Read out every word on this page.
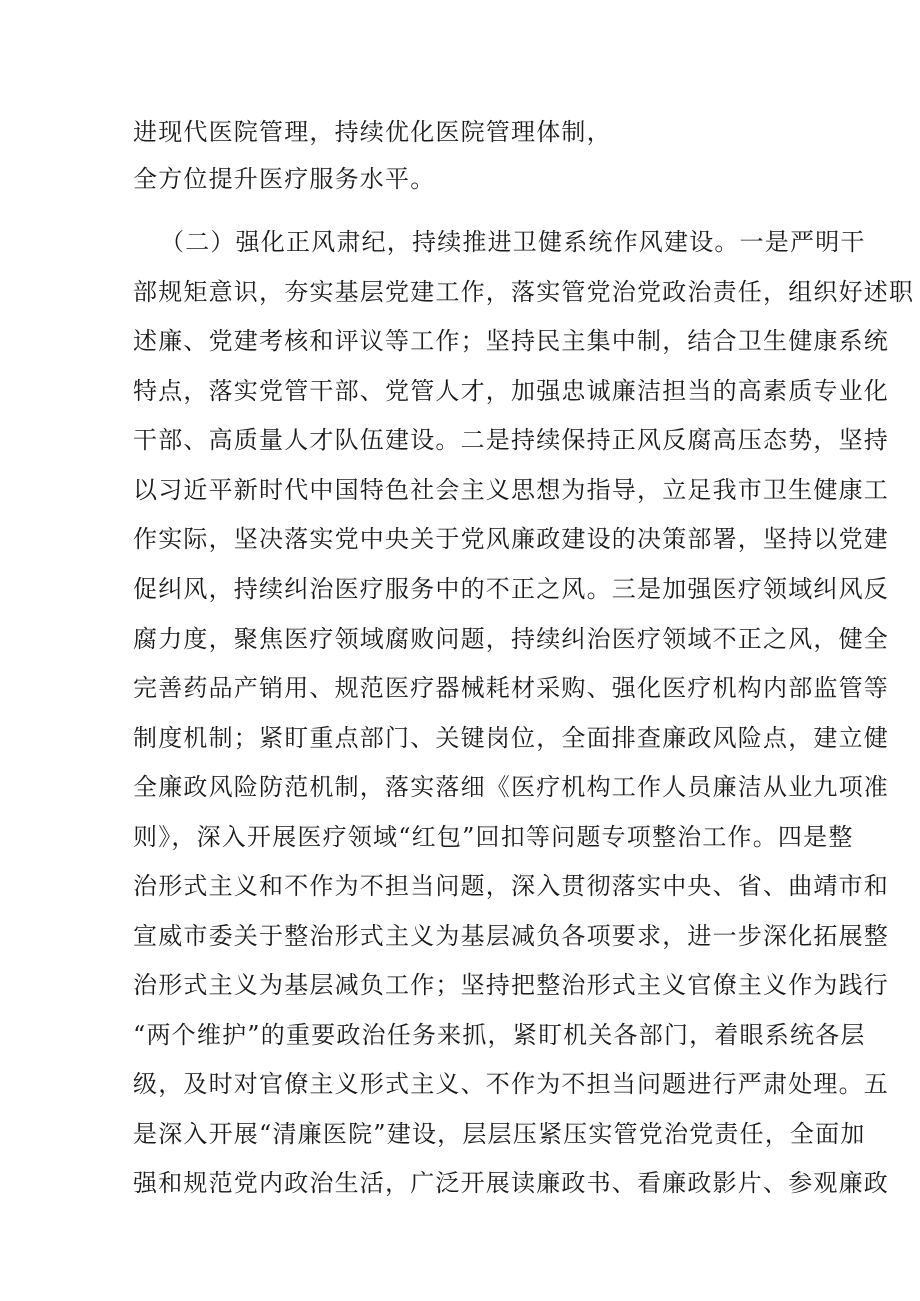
进现代医院管理，持续优化医院管理体制，
全方位提升医疗服务水平。
（二）强化正风肃纪，持续推进卫健系统作风建设。一是严明干
部规矩意识，夯实基层党建工作，落实管党治党政治责任，组织好述职
述廉、党建考核和评议等工作；坚持民主集中制，结合卫生健康系统
特点，落实党管干部、党管人才，加强忠诚廉洁担当的高素质专业化
干部、高质量人才队伍建设。二是持续保持正风反腐高压态势，坚持
以习近平新时代中国特色社会主义思想为指导，立足我市卫生健康工
作实际，坚决落实党中央关于党风廉政建设的决策部署，坚持以党建
促纠风，持续纠治医疗服务中的不正之风。三是加强医疗领域纠风反
腐力度，聚焦医疗领域腐败问题，持续纠治医疗领域不正之风，健全
完善药品产销用、规范医疗器械耗材采购、强化医疗机构内部监管等
制度机制；紧盯重点部门、关键岗位，全面排查廉政风险点，建立健
全廉政风险防范机制，落实落细《医疗机构工作人员廉洁从业九项准
则》，深入开展医疗领域“红包”回扣等问题专项整治工作。四是整
治形式主义和不作为不担当问题，深入贯彻落实中央、省、曲靖市和
宣威市委关于整治形式主义为基层减负各项要求，进一步深化拓展整
治形式主义为基层减负工作；坚持把整治形式主义官僚主义作为践行
“两个维护”的重要政治任务来抓，紧盯机关各部门，着眼系统各层
级，及时对官僚主义形式主义、不作为不担当问题进行严肃处理。五
是深入开展“清廉医院”建设，层层压紧压实管党治党责任，全面加
强和规范党内政治生活，广泛开展读廉政书、看廉政影片、参观廉政
